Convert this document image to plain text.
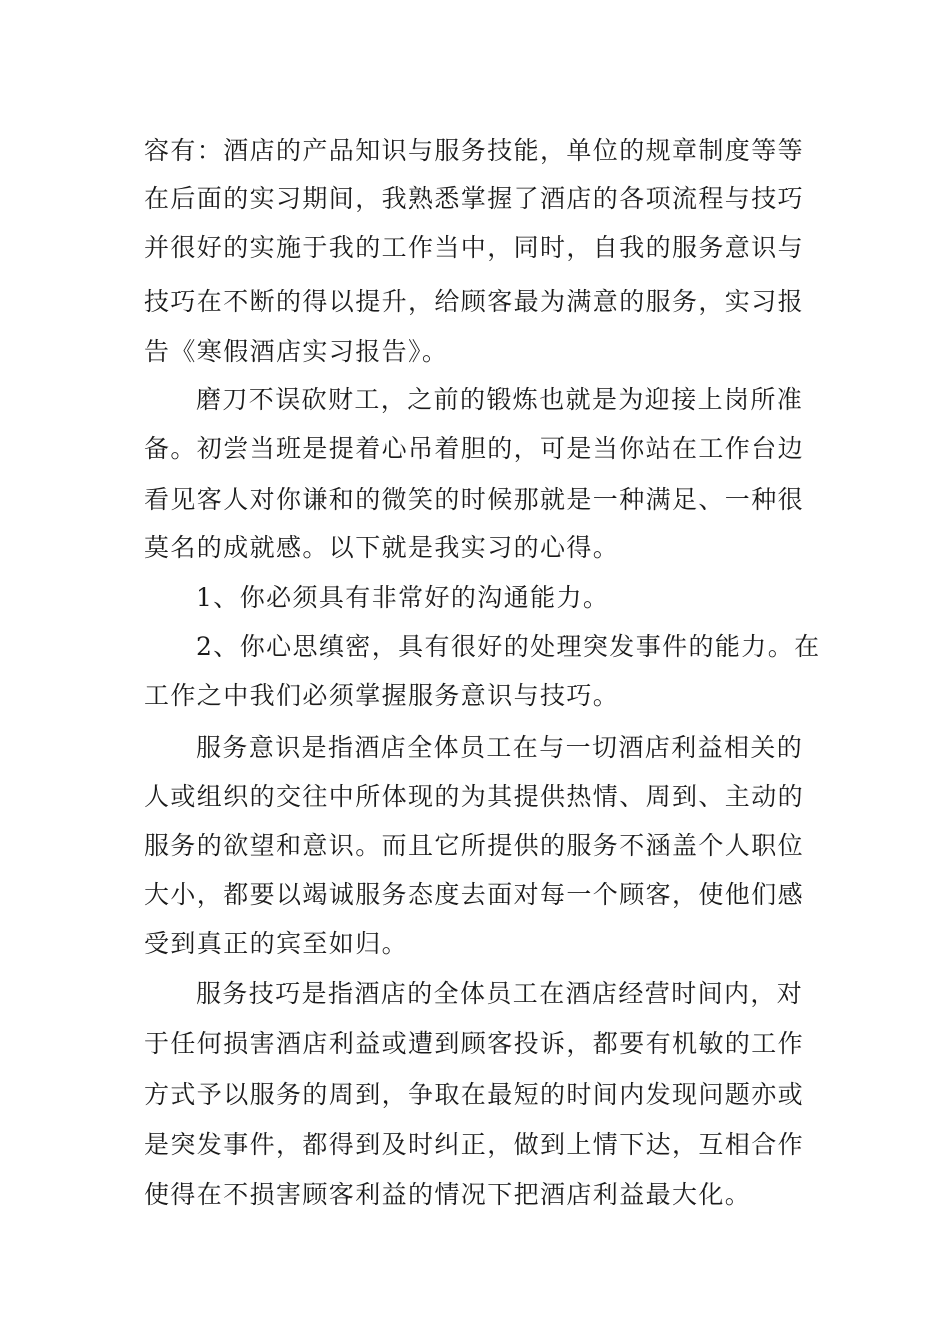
容有：酒店的产品知识与服务技能，单位的规章制度等等
在后面的实习期间，我熟悉掌握了酒店的各项流程与技巧
并很好的实施于我的工作当中，同时，自我的服务意识与
技巧在不断的得以提升，给顾客最为满意的服务，实习报
告《寒假酒店实习报告》。
磨刀不误砍财工，之前的锻炼也就是为迎接上岗所准
备。初尝当班是提着心吊着胆的，可是当你站在工作台边
看见客人对你谦和的微笑的时候那就是一种满足、一种很
莫名的成就感。以下就是我实习的心得。
1、你必须具有非常好的沟通能力。
2、你心思缜密，具有很好的处理突发事件的能力。在
工作之中我们必须掌握服务意识与技巧。
服务意识是指酒店全体员工在与一切酒店利益相关的
人或组织的交往中所体现的为其提供热情、周到、主动的
服务的欲望和意识。而且它所提供的服务不涵盖个人职位
大小，都要以竭诚服务态度去面对每一个顾客，使他们感
受到真正的宾至如归。
服务技巧是指酒店的全体员工在酒店经营时间内，对
于任何损害酒店利益或遭到顾客投诉，都要有机敏的工作
方式予以服务的周到，争取在最短的时间内发现问题亦或
是突发事件，都得到及时纠正，做到上情下达，互相合作
使得在不损害顾客利益的情况下把酒店利益最大化。
